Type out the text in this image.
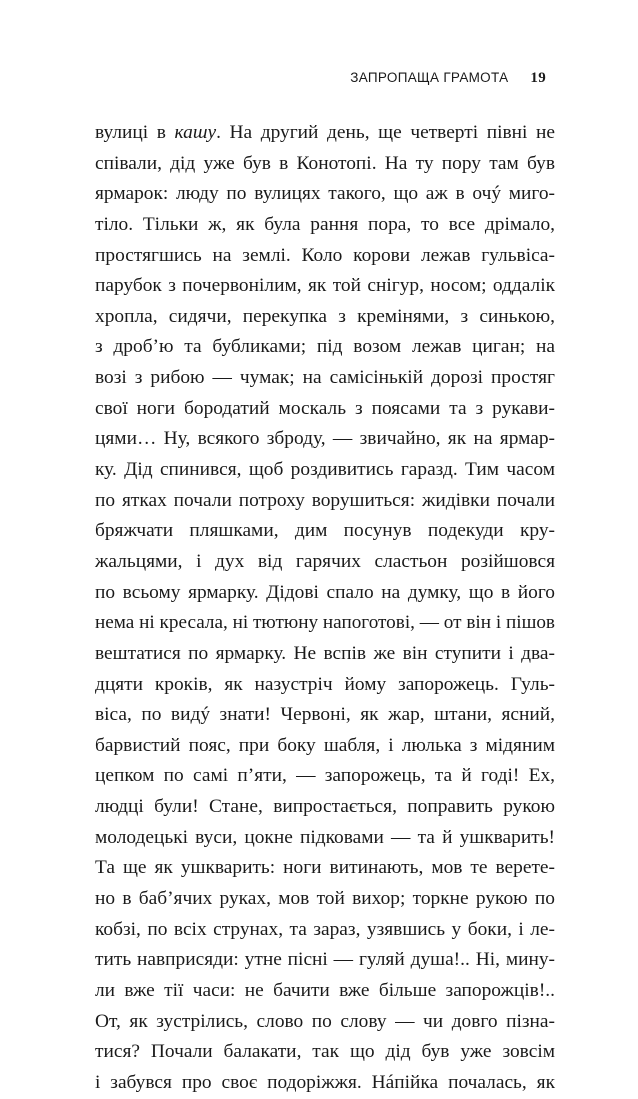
ЗАПРОПАЩА ГРАМОТА 19
вулиці в кашу. На другий день, ще четверті півні не
співали, дід уже був в Конотопі. На ту пору там був
ярмарок: люду по вулицях такого, що аж в очý миго-
тіло. Тільки ж, як була рання пора, то все дрімало,
простягшись на землі. Коло корови лежав гульвіса-
парубок з почервонілим, як той снігур, носом; оддалік
хропла, сидячи, перекупка з кремінями, з синькою,
з дроб’ю та бубликами; під возом лежав циган; на
возі з рибою — чумак; на самісінькій дорозі простяг
свої ноги бородатий москаль з поясами та з рукави-
цями… Ну, всякого зброду, — звичайно, як на ярмар-
ку. Дід спинився, щоб роздивитись гаразд. Тим часом
по ятках почали потроху ворушиться: жидівки почали
бряжчати пляшками, дим посунув подекуди кру-
жальцями, і дух від гарячих сластьон розійшовся
по всьому ярмарку. Дідові спало на думку, що в його
нема ні кресала, ні тютюну напоготові, — от він і пішов
вештатися по ярмарку. Не вспів же він ступити і два-
дцяти кроків, як назустріч йому запорожець. Гуль-
віса, по видý знати! Червоні, як жар, штани, ясний,
барвистий пояс, при боку шабля, і люлька з мідяним
цепком по самі п’яти, — запорожець, та й годі! Ех,
людці були! Стане, випростається, поправить рукою
молодецькі вуси, цокне підковами — та й ушкварить!
Та ще як ушкварить: ноги витинають, мов те верете-
но в баб’ячих руках, мов той вихор; торкне рукою по
кобзі, по всіх струнах, та зараз, узявшись у боки, і ле-
тить навприсяди: утне пісні — гуляй душа!.. Ні, мину-
ли вже тії часи: не бачити вже більше запорожців!..
От, як зустрілись, слово по слову — чи довго пізна-
тися? Почали балакати, так що дід був уже зовсім
і забувся про своє подоріжжя. Нáпійка почалась, як
